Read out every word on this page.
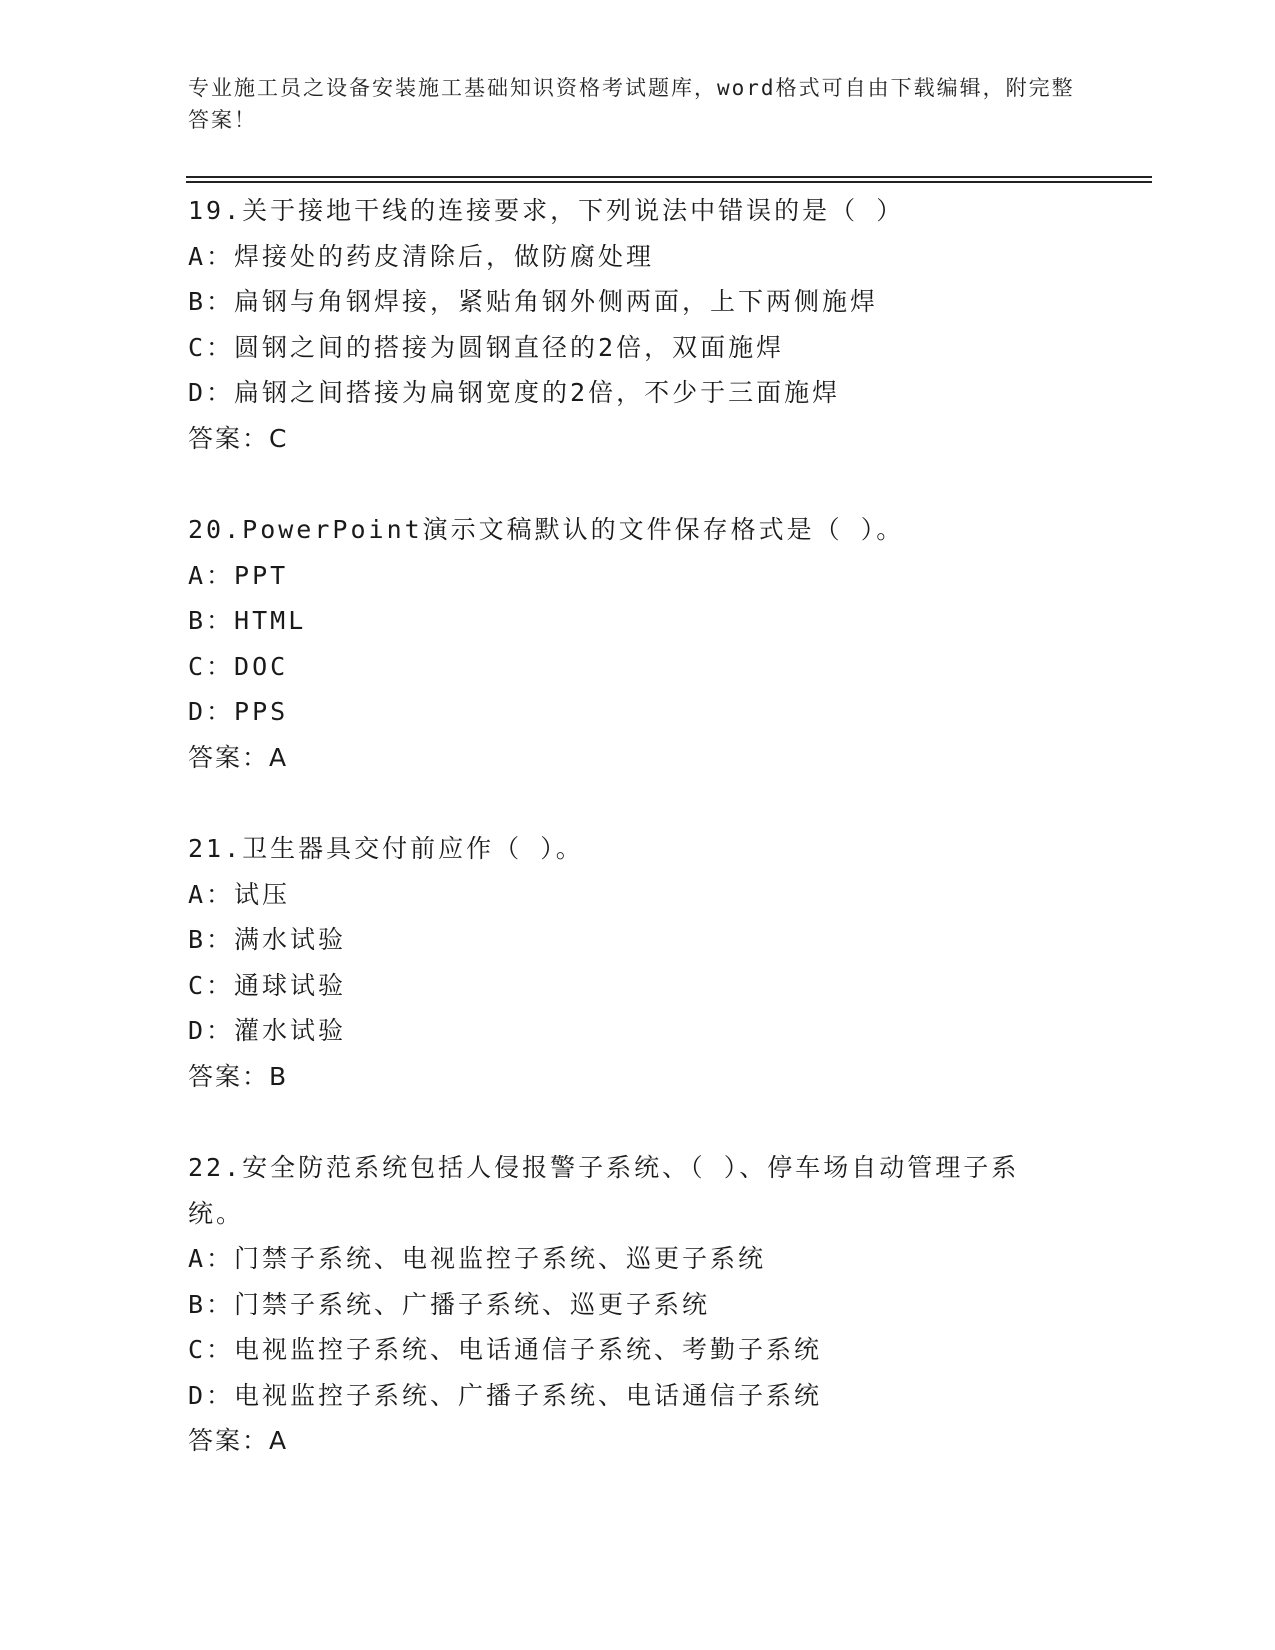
专业施工员之设备安装施工基础知识资格考试题库，word格式可自由下载编辑，附完整答案！
19.关于接地干线的连接要求，下列说法中错误的是（ ）
A：焊接处的药皮清除后，做防腐处理
B：扁钢与角钢焊接，紧贴角钢外侧两面，上下两侧施焊
C：圆钢之间的搭接为圆钢直径的2倍，双面施焊
D：扁钢之间搭接为扁钢宽度的2倍，不少于三面施焊
答案：C
20.PowerPoint演示文稿默认的文件保存格式是（ ）。
A：PPT
B：HTML
C：DOC
D：PPS
答案：A
21.卫生器具交付前应作（ ）。
A：试压
B：满水试验
C：通球试验
D：灌水试验
答案：B
22.安全防范系统包括人侵报警子系统、（ ）、停车场自动管理子系统。
A：门禁子系统、电视监控子系统、巡更子系统
B：门禁子系统、广播子系统、巡更子系统
C：电视监控子系统、电话通信子系统、考勤子系统
D：电视监控子系统、广播子系统、电话通信子系统
答案：A
